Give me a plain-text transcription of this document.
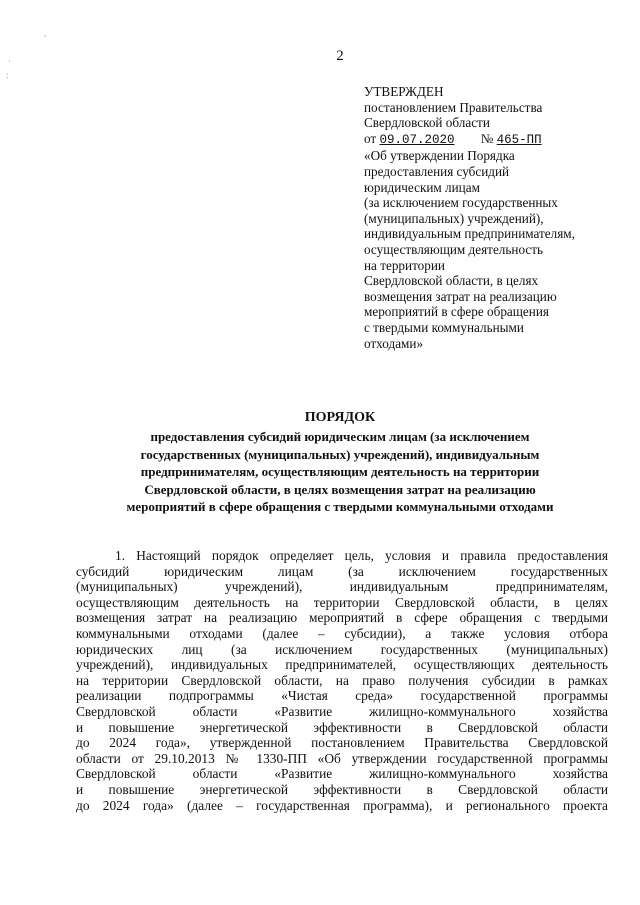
,
·
:
2
УТВЕРЖДЕН
постановлением Правительства
Свердловской области
от 09.07.2020 № 465-ПП
«Об утверждении Порядка
предоставления субсидий
юридическим лицам
(за исключением государственных
(муниципальных) учреждений),
индивидуальным предпринимателям,
осуществляющим деятельность
на территории
Свердловской области, в целях
возмещения затрат на реализацию
мероприятий в сфере обращения
с твердыми коммунальными
отходами»
ПОРЯДОК
предоставления субсидий юридическим лицам (за исключением
государственных (муниципальных) учреждений), индивидуальным
предпринимателям, осуществляющим деятельность на территории
Свердловской области, в целях возмещения затрат на реализацию
мероприятий в сфере обращения с твердыми коммунальными отходами
1. Настоящий порядок определяет цель, условия и правила предоставления
субсидий юридическим лицам (за исключением государственных
(муниципальных) учреждений), индивидуальным предпринимателям,
осуществляющим деятельность на территории Свердловской области, в целях
возмещения затрат на реализацию мероприятий в сфере обращения с твердыми
коммунальными отходами (далее – субсидии), а также условия отбора
юридических лиц (за исключением государственных (муниципальных)
учреждений), индивидуальных предпринимателей, осуществляющих деятельность
на территории Свердловской области, на право получения субсидии в рамках
реализации подпрограммы «Чистая среда» государственной программы
Свердловской области «Развитие жилищно-коммунального хозяйства
и повышение энергетической эффективности в Свердловской области
до 2024 года», утвержденной постановлением Правительства Свердловской
области от 29.10.2013 № 1330-ПП «Об утверждении государственной программы
Свердловской области «Развитие жилищно-коммунального хозяйства
и повышение энергетической эффективности в Свердловской области
до 2024 года» (далее – государственная программа), и регионального проекта
